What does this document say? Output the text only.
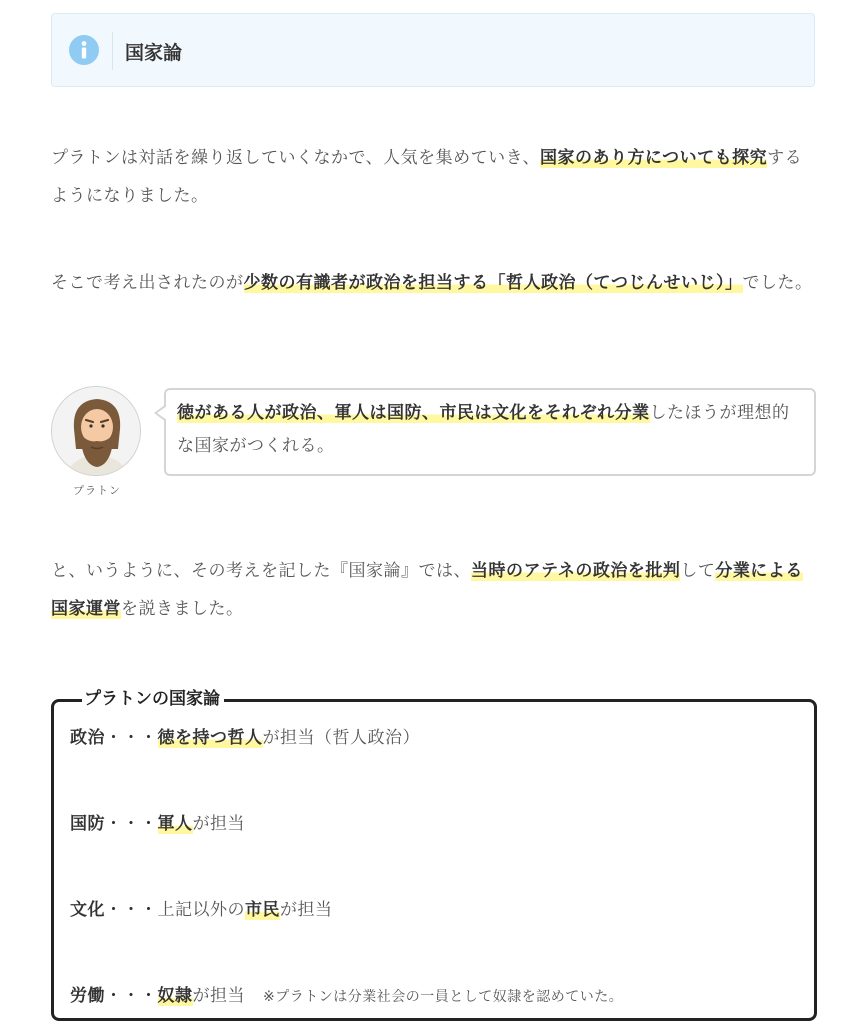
国家論
プラトンは対話を繰り返していくなかで、人気を集めていき、国家のあり方についても探究するようになりました。
そこで考え出されたのが少数の有識者が政治を担当する「哲人政治（てつじんせいじ）」でした。
プラトン
徳がある人が政治、軍人は国防、市民は文化をそれぞれ分業したほうが理想的な国家がつくれる。
と、いうように、その考えを記した『国家論』では、当時のアテネの政治を批判して分業による国家運営を説きました。
プラトンの国家論
政治・・・徳を持つ哲人が担当（哲人政治）
国防・・・軍人が担当
文化・・・上記以外の市民が担当
労働・・・奴隷が担当 ※プラトンは分業社会の一員として奴隷を認めていた。
